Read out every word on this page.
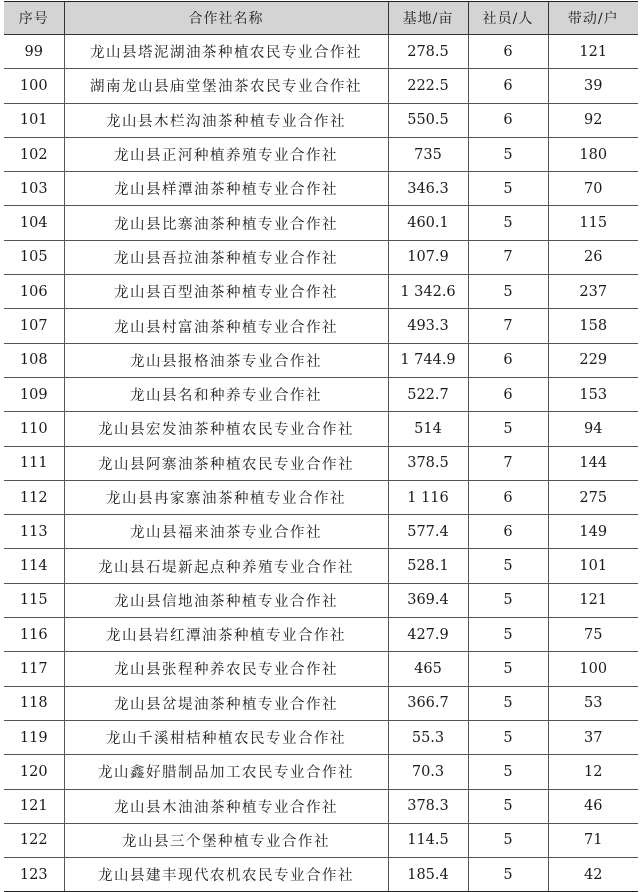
序号	合作社名称	基地/亩	社员/人	带动/户
99	龙山县塔泥湖油茶种植农民专业合作社	278.5	6	121
100	湖南龙山县庙堂堡油茶农民专业合作社	222.5	6	39
101	龙山县木栏沟油茶种植专业合作社	550.5	6	92
102	龙山县正河种植养殖专业合作社	735	5	180
103	龙山县样潭油茶种植专业合作社	346.3	5	70
104	龙山县比寨油茶种植专业合作社	460.1	5	115
105	龙山县吾拉油茶种植专业合作社	107.9	7	26
106	龙山县百型油茶种植专业合作社	1 342.6	5	237
107	龙山县村富油茶种植专业合作社	493.3	7	158
108	龙山县报格油茶专业合作社	1 744.9	6	229
109	龙山县名和种养专业合作社	522.7	6	153
110	龙山县宏发油茶种植农民专业合作社	514	5	94
111	龙山县阿寨油茶种植农民专业合作社	378.5	7	144
112	龙山县冉家寨油茶种植专业合作社	1 116	6	275
113	龙山县福来油茶专业合作社	577.4	6	149
114	龙山县石堤新起点种养殖专业合作社	528.1	5	101
115	龙山县信地油茶种植专业合作社	369.4	5	121
116	龙山县岩红潭油茶种植专业合作社	427.9	5	75
117	龙山县张程种养农民专业合作社	465	5	100
118	龙山县岔堤油茶种植专业合作社	366.7	5	53
119	龙山千溪柑桔种植农民专业合作社	55.3	5	37
120	龙山鑫好腊制品加工农民专业合作社	70.3	5	12
121	龙山县木油油茶种植专业合作社	378.3	5	46
122	龙山县三个堡种植专业合作社	114.5	5	71
123	龙山县建丰现代农机农民专业合作社	185.4	5	42
